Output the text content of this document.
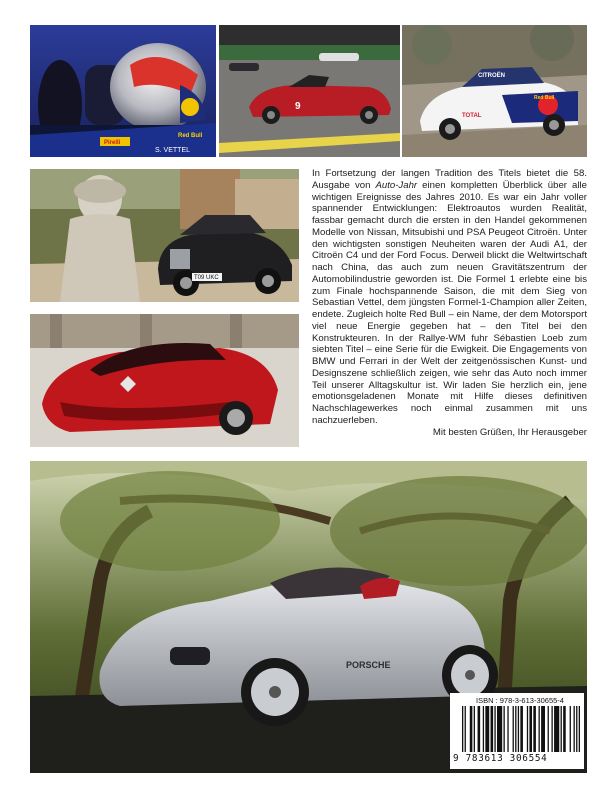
S. VETTEL
Red Bull
Pirelli
9
CITROËN
TOTAL
Red Bull
T09 UKC

In Fortsetzung der langen Tradition des Titels bietet die 58. Ausgabe von Auto-Jahr einen kompletten Überblick über alle wichtigen Ereignisse des Jahres 2010. Es war ein Jahr voller spannender Entwicklungen: Elektroautos wurden Realität, fassbar gemacht durch die ersten in den Handel gekommenen Modelle von Nissan, Mitsubishi und PSA Peugeot Citroën. Unter den wichtigsten sonstigen Neuheiten waren der Audi A1, der Citroën C4 und der Ford Focus. Derweil blickt die Weltwirtschaft nach China, das auch zum neuen Gravitätszentrum der Automobilindustrie geworden ist. Die Formel 1 erlebte eine bis zum Finale hochspannende Saison, die mit dem Sieg von Sebastian Vettel, dem jüngsten Formel-1-Champion aller Zeiten, endete. Zugleich holte Red Bull – ein Name, der dem Motorsport viel neue Energie gegeben hat – den Titel bei den Konstrukteuren. In der Rallye-WM fuhr Sébastien Loeb zum siebten Titel – eine Serie für die Ewigkeit. Die Engagements von BMW und Ferrari in der Welt der zeitgenössischen Kunst- und Designszene schließlich zeigen, wie sehr das Auto noch immer Teil unserer Alltagskultur ist. Wir laden Sie herzlich ein, jene emotionsgeladenen Monate mit Hilfe dieses definitiven Nachschlagewerkes noch einmal zusammen mit uns nachzuerleben.

Mit besten Grüßen, Ihr Herausgeber

PORSCHE
ISBN : 978-3-613-30655-4
9 783613 306554
